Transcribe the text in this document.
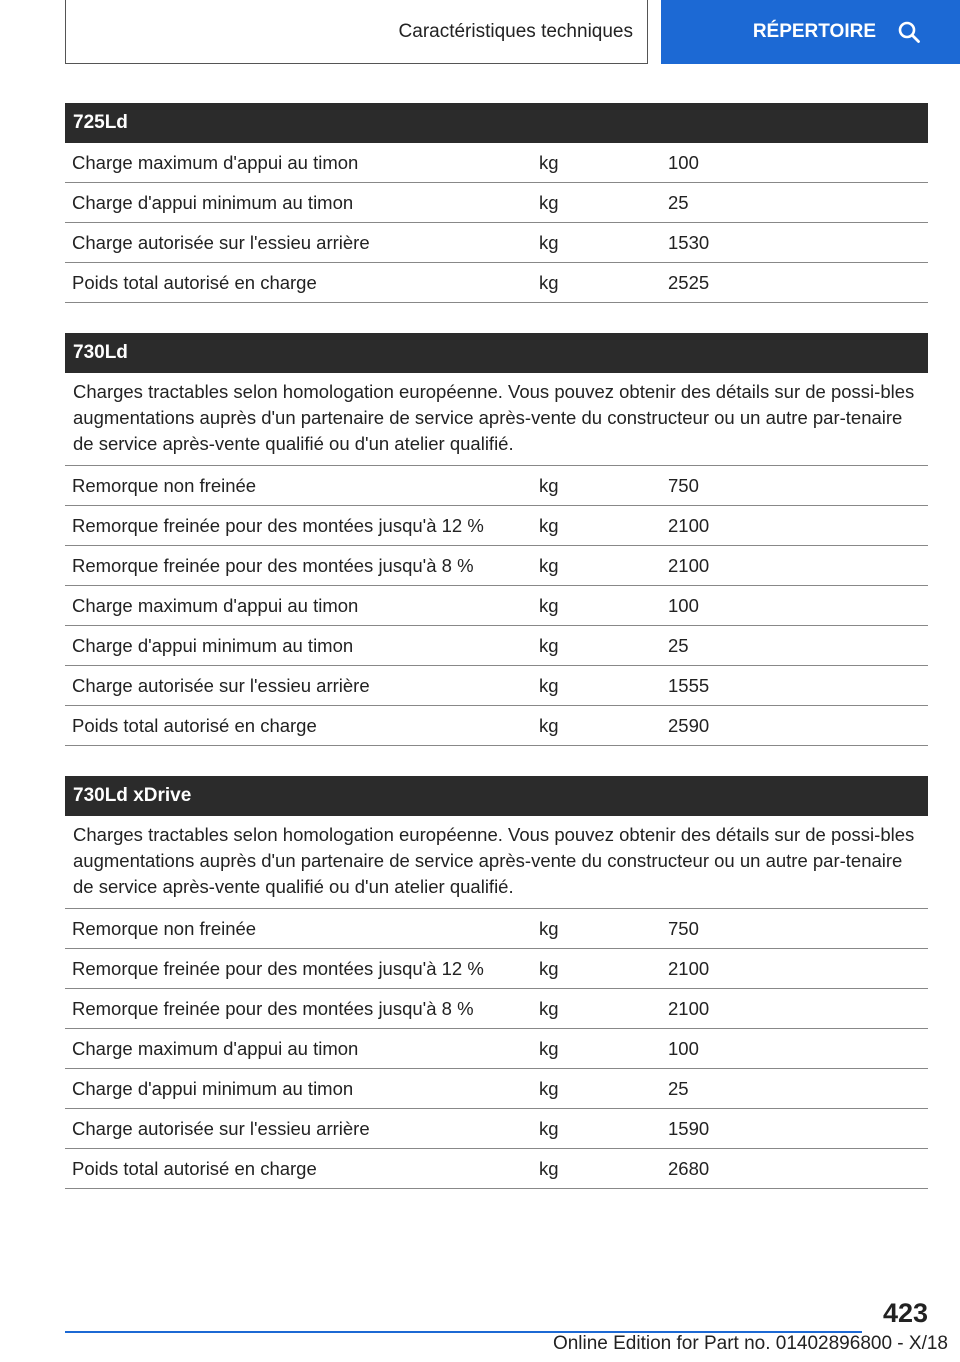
Caractéristiques techniques	RÉPERTOIRE
725Ld
Charge maximum d'appui au timon	kg	100
Charge d'appui minimum au timon	kg	25
Charge autorisée sur l'essieu arrière	kg	1530
Poids total autorisé en charge	kg	2525
730Ld
Charges tractables selon homologation européenne. Vous pouvez obtenir des détails sur de possi-bles augmentations auprès d'un partenaire de service après-vente du constructeur ou un autre par-tenaire de service après-vente qualifié ou d'un atelier qualifié.
Remorque non freinée	kg	750
Remorque freinée pour des montées jusqu'à 12 %	kg	2100
Remorque freinée pour des montées jusqu'à 8 %	kg	2100
Charge maximum d'appui au timon	kg	100
Charge d'appui minimum au timon	kg	25
Charge autorisée sur l'essieu arrière	kg	1555
Poids total autorisé en charge	kg	2590
730Ld xDrive
Charges tractables selon homologation européenne. Vous pouvez obtenir des détails sur de possi-bles augmentations auprès d'un partenaire de service après-vente du constructeur ou un autre par-tenaire de service après-vente qualifié ou d'un atelier qualifié.
Remorque non freinée	kg	750
Remorque freinée pour des montées jusqu'à 12 %	kg	2100
Remorque freinée pour des montées jusqu'à 8 %	kg	2100
Charge maximum d'appui au timon	kg	100
Charge d'appui minimum au timon	kg	25
Charge autorisée sur l'essieu arrière	kg	1590
Poids total autorisé en charge	kg	2680
423
Online Edition for Part no. 01402896800 - X/18
